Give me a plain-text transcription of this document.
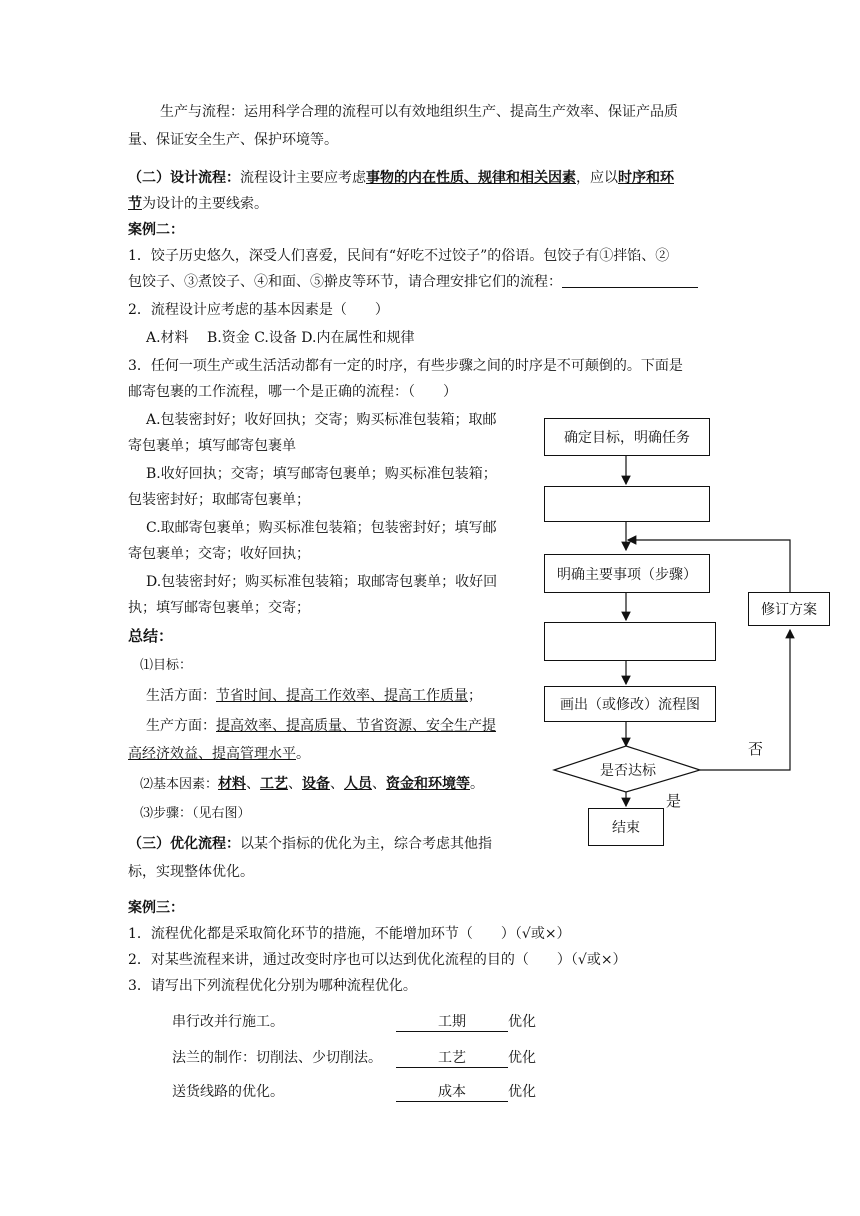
生产与流程：运用科学合理的流程可以有效地组织生产、提高生产效率、保证产品质
量、保证安全生产、保护环境等。
（二）设计流程：流程设计主要应考虑事物的内在性质、规律和相关因素，应以时序和环
节为设计的主要线索。
案例二：
1．饺子历史悠久，深受人们喜爱，民间有“好吃不过饺子”的俗语。包饺子有①拌馅、②
包饺子、③煮饺子、④和面、⑤擀皮等环节，请合理安排它们的流程：
2．流程设计应考虑的基本因素是（　　）
A.材料　 B.资金 C.设备 D.内在属性和规律
3．任何一项生产或生活活动都有一定的时序，有些步骤之间的时序是不可颠倒的。下面是
邮寄包裹的工作流程，哪一个是正确的流程：（　　）
A.包装密封好；收好回执；交寄；购买标准包装箱；取邮
寄包裹单；填写邮寄包裹单
B.收好回执；交寄；填写邮寄包裹单；购买标准包装箱；
包装密封好；取邮寄包裹单；
C.取邮寄包裹单；购买标准包装箱；包装密封好；填写邮
寄包裹单；交寄；收好回执；
D.包装密封好；购买标准包装箱；取邮寄包裹单；收好回
执；填写邮寄包裹单；交寄；
总结：
⑴目标：
生活方面：节省时间、提高工作效率、提高工作质量；
生产方面：提高效率、提高质量、节省资源、安全生产提
高经济效益、提高管理水平。
⑵基本因素：材料、工艺、设备、人员、资金和环境等。
⑶步骤：（见右图）
（三）优化流程：以某个指标的优化为主，综合考虑其他指
标，实现整体优化。
案例三：
1．流程优化都是采取简化环节的措施，不能增加环节（　　）（√或×）
2．对某些流程来讲，通过改变时序也可以达到优化流程的目的（　　）（√或×）
3．请写出下列流程优化分别为哪种流程优化。
串行改并行施工。	工期	优化
法兰的制作：切削法、少切削法。	工艺	优化
送货线路的优化。	成本	优化
确定目标，明确任务
明确主要事项（步骤）
画出（或修改）流程图
是否达标
结束
修订方案
否
是
